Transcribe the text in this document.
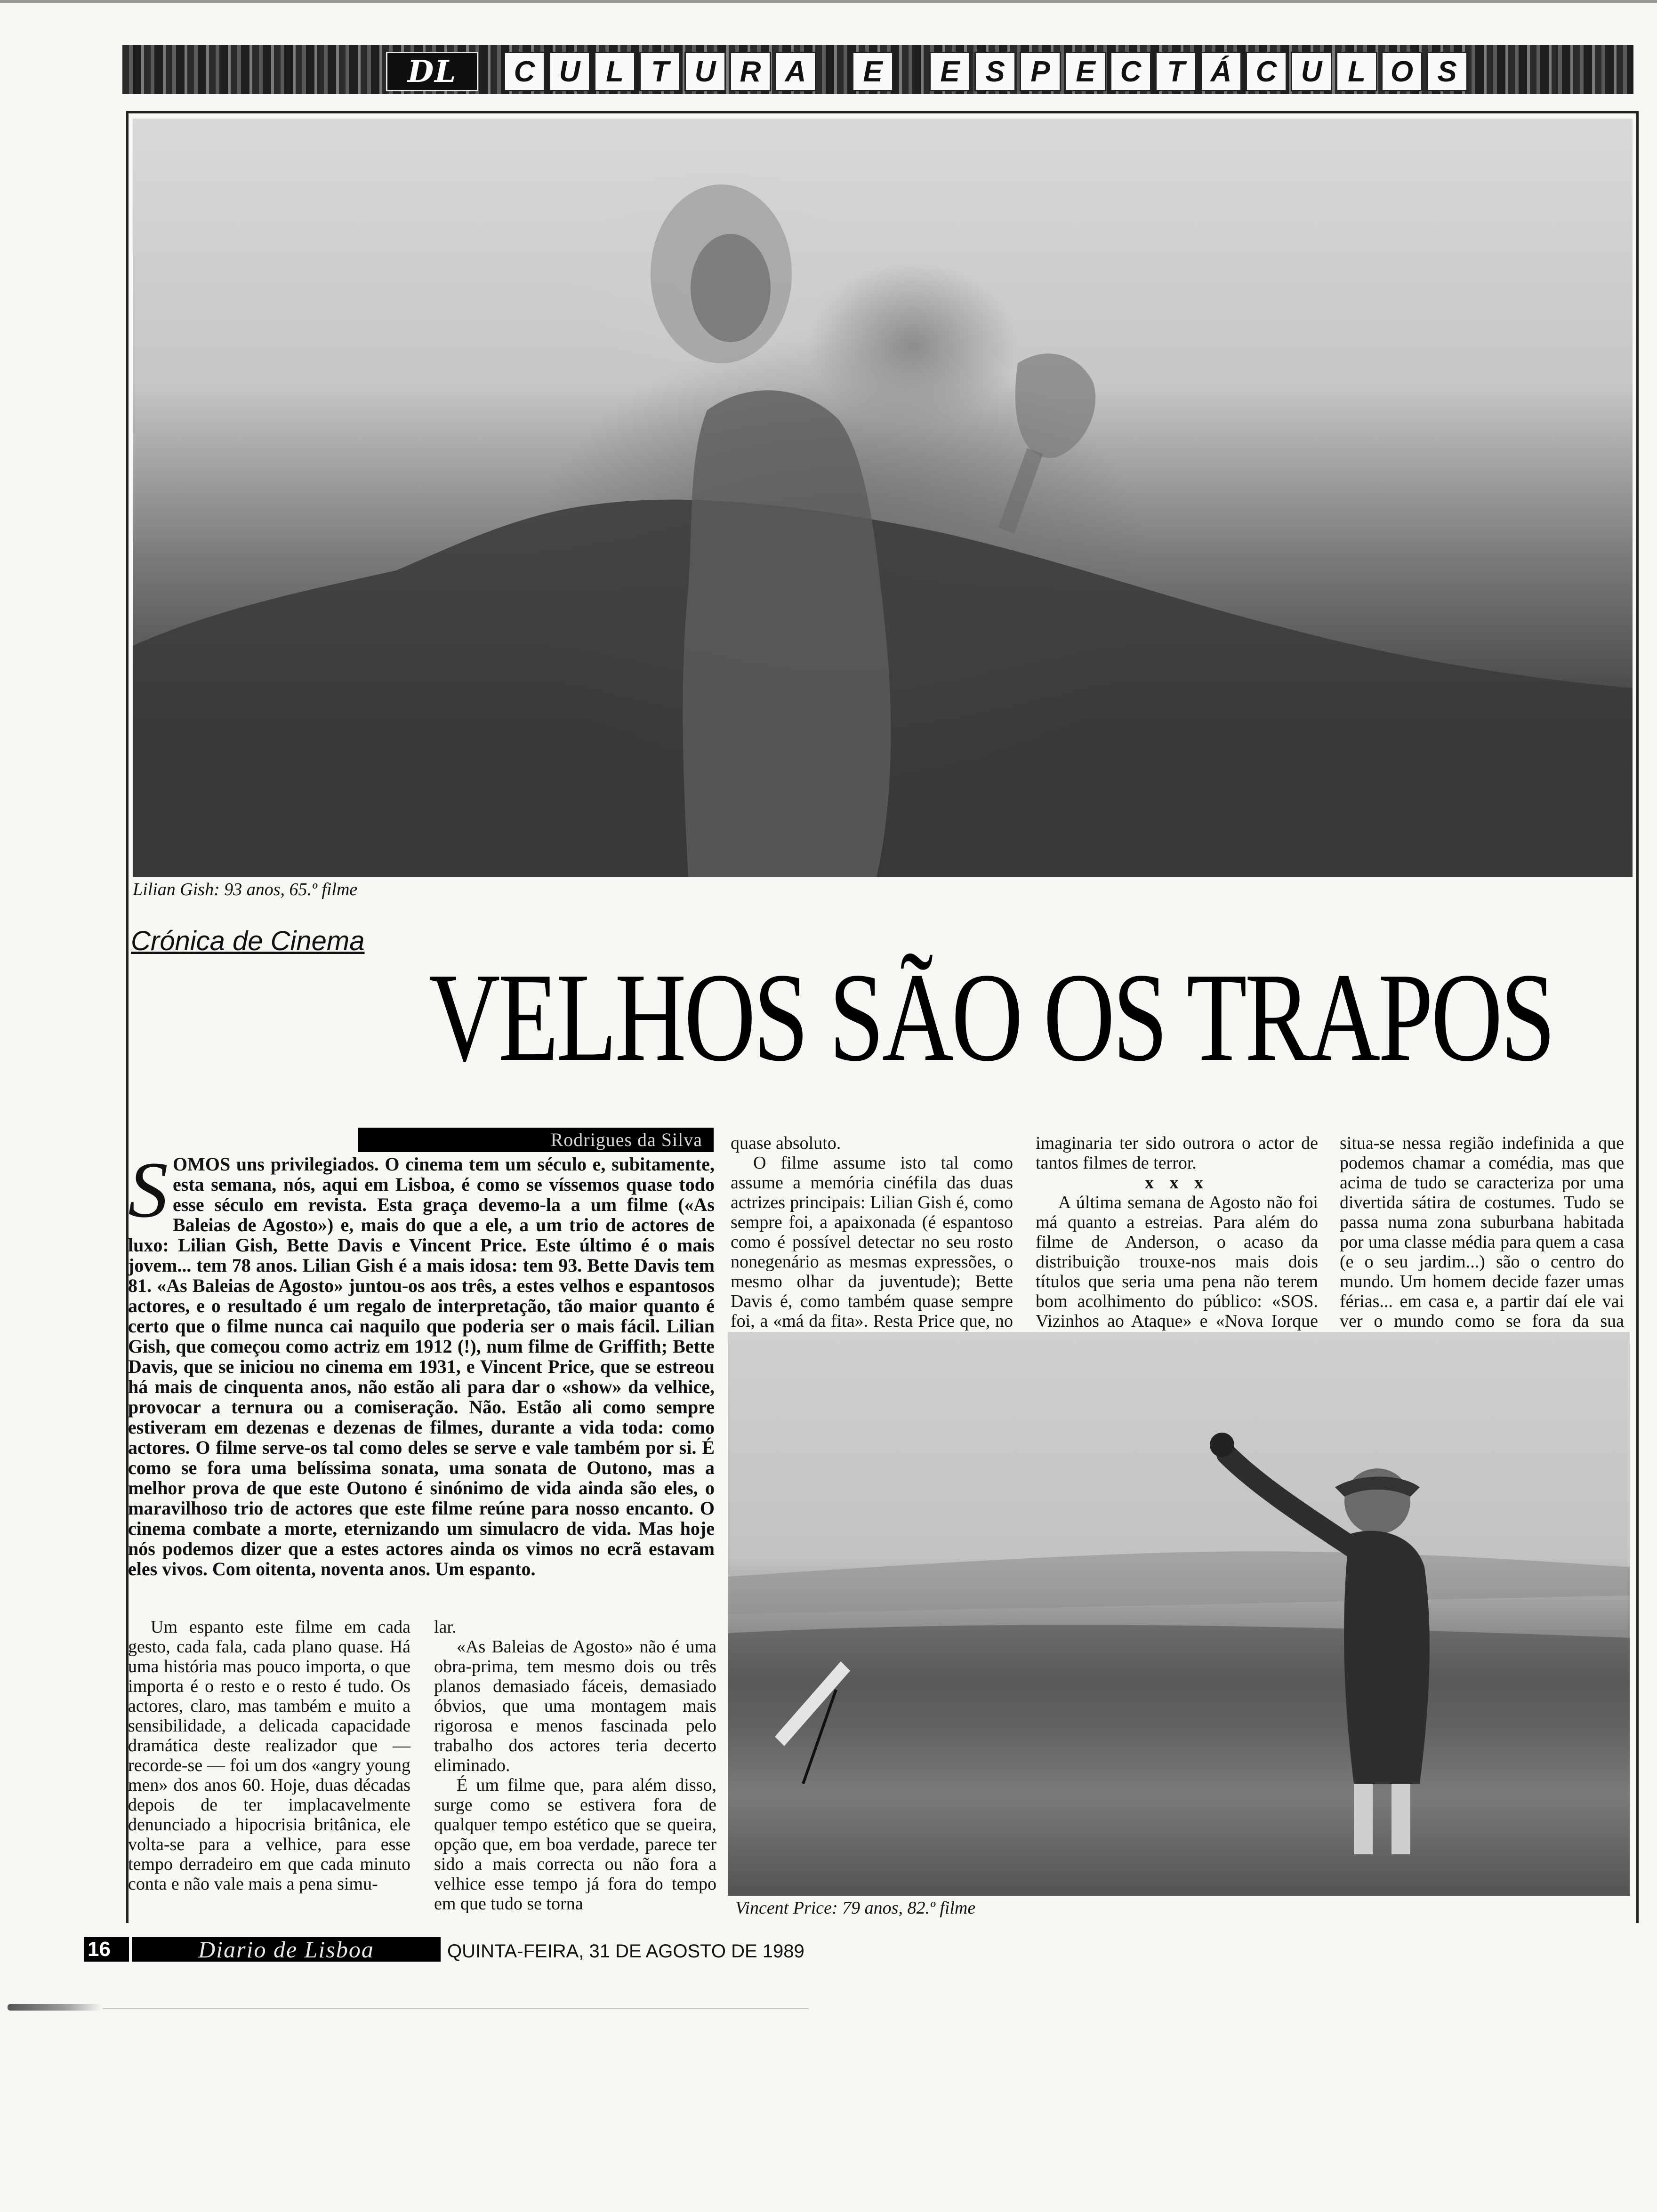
DL	C U L T U R A	E	E S P E C T Á C U L O S
Lilian Gish: 93 anos, 65.º filme
Crónica de Cinema
VELHOS SÃO OS TRAPOS
Rodrigues da Silva
SOMOS uns privilegiados. O cinema tem um século e, subitamente, esta semana, nós, aqui em Lisboa, é como se víssemos quase todo esse século em revista. Esta graça devemo-la a um filme («As Baleias de Agosto») e, mais do que a ele, a um trio de actores de luxo: Lilian Gish, Bette Davis e Vincent Price. Este último é o mais jovem... tem 78 anos. Lilian Gish é a mais idosa: tem 93. Bette Davis tem 81. «As Baleias de Agosto» juntou-os aos três, a estes velhos e espantosos actores, e o resultado é um regalo de interpretação, tão maior quanto é certo que o filme nunca cai naquilo que poderia ser o mais fácil. Lilian Gish, que começou como actriz em 1912 (!), num filme de Griffith; Bette Davis, que se iniciou no cinema em 1931, e Vincent Price, que se estreou há mais de cinquenta anos, não estão ali para dar o «show» da velhice, provocar a ternura ou a comiseração. Não. Estão ali como sempre estiveram em dezenas e dezenas de filmes, durante a vida toda: como actores. O filme serve-os tal como deles se serve e vale também por si. É como se fora uma belíssima sonata, uma sonata de Outono, mas a melhor prova de que este Outono é sinónimo de vida ainda são eles, o maravilhoso trio de actores que este filme reúne para nosso encanto. O cinema combate a morte, eternizando um simulacro de vida. Mas hoje nós podemos dizer que a estes actores ainda os vimos no ecrã estavam eles vivos. Com oitenta, noventa anos. Um espanto.

Um espanto este filme em cada gesto, cada fala, cada plano quase. Há uma história mas pouco importa, o que importa é o resto e o resto é tudo. Os actores, claro, mas também e muito a sensibilidade, a delicada capacidade dramática deste realizador que — recorde-se — foi um dos «angry young men» dos anos 60. Hoje, duas décadas depois de ter implacavelmente denunciado a hipocrisia britânica, ele volta-se para a velhice, para esse tempo derradeiro em que cada minuto conta e não vale mais a pena simu-

lar.

«As Baleias de Agosto» não é uma obra-prima, tem mesmo dois ou três planos demasiado fáceis, demasiado óbvios, que uma montagem mais rigorosa e menos fascinada pelo trabalho dos actores teria decerto eliminado.

É um filme que, para além disso, surge como se estivera fora de qualquer tempo estético que se queira, opção que, em boa verdade, parece ter sido a mais correcta ou não fora a velhice esse tempo já fora do tempo em que tudo se torna

quase absoluto.

O filme assume isto tal como assume a memória cinéfila das duas actrizes principais: Lilian Gish é, como sempre foi, a apaixonada (é espantoso como é possível detectar no seu rosto nonegenário as mesmas expressões, o mesmo olhar da juventude); Bette Davis é, como também quase sempre foi, a «má da fita». Resta Price que, no

imaginaria ter sido outrora o actor de tantos filmes de terror.

x x x

A última semana de Agosto não foi má quanto a estreias. Para além do filme de Anderson, o acaso da distribuição trouxe-nos mais dois títulos que seria uma pena não terem bom acolhimento do público: «SOS. Vizinhos ao Ataque» e «Nova Iorque

situa-se nessa região indefinida a que podemos chamar a comédia, mas que acima de tudo se caracteriza por uma divertida sátira de costumes. Tudo se passa numa zona suburbana habitada por uma classe média para quem a casa (e o seu jardim...) são o centro do mundo. Um homem decide fazer umas férias... em casa e, a partir daí ele vai ver o mundo como se fora da sua

Vincent Price: 79 anos, 82.º filme
16	Diario de Lisboa	QUINTA-FEIRA, 31 DE AGOSTO DE 1989
